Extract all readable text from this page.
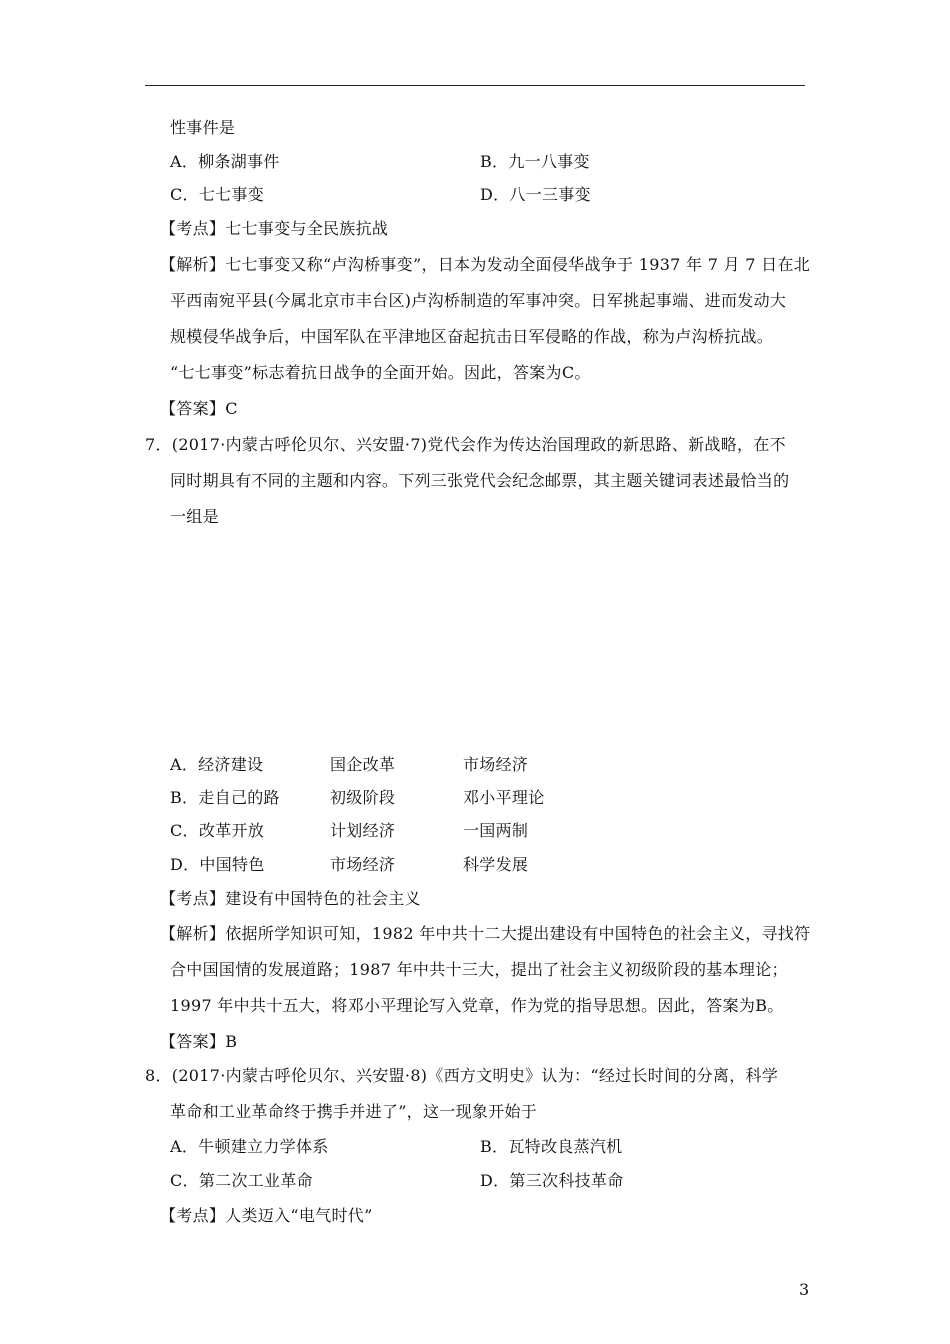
性事件是
A．柳条湖事件	B．九一八事变
C．七七事变	D．八一三事变
【考点】七七事变与全民族抗战
【解析】七七事变又称“卢沟桥事变”，日本为发动全面侵华战争于 1937 年 7 月 7 日在北
平西南宛平县(今属北京市丰台区)卢沟桥制造的军事冲突。日军挑起事端、进而发动大
规模侵华战争后，中国军队在平津地区奋起抗击日军侵略的作战，称为卢沟桥抗战。
“七七事变”标志着抗日战争的全面开始。因此，答案为C。
【答案】C
7．(2017·内蒙古呼伦贝尔、兴安盟·7)党代会作为传达治国理政的新思路、新战略，在不
同时期具有不同的主题和内容。下列三张党代会纪念邮票，其主题关键词表述最恰当的
一组是
A．经济建设	国企改革	市场经济
B．走自己的路	初级阶段	邓小平理论
C．改革开放	计划经济	一国两制
D．中国特色	市场经济	科学发展
【考点】建设有中国特色的社会主义
【解析】依据所学知识可知，1982 年中共十二大提出建设有中国特色的社会主义，寻找符
合中国国情的发展道路；1987 年中共十三大，提出了社会主义初级阶段的基本理论；
1997 年中共十五大，将邓小平理论写入党章，作为党的指导思想。因此，答案为B。
【答案】B
8．(2017·内蒙古呼伦贝尔、兴安盟·8)《西方文明史》认为：“经过长时间的分离，科学
革命和工业革命终于携手并进了”，这一现象开始于
A．牛顿建立力学体系	B．瓦特改良蒸汽机
C．第二次工业革命	D．第三次科技革命
【考点】人类迈入“电气时代”
3
